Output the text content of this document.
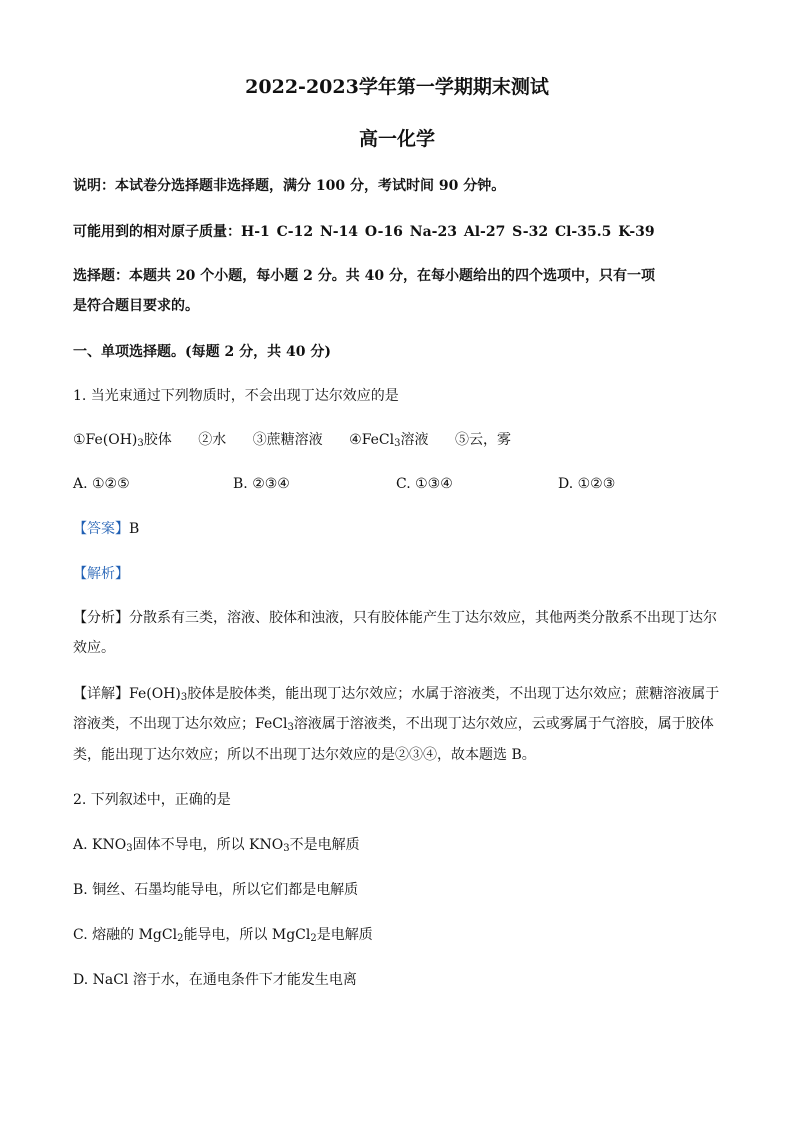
2022-2023学年第一学期期末测试
高一化学
说明：本试卷分选择题非选择题，满分 100 分，考试时间 90 分钟。
可能用到的相对原子质量：H-1 C-12 N-14 O-16 Na-23 Al-27 S-32 Cl-35.5 K-39
选择题：本题共 20 个小题，每小题 2 分。共 40 分，在每小题给出的四个选项中，只有一项
是符合题目要求的。
一、单项选择题。(每题 2 分，共 40 分)
1. 当光束通过下列物质时，不会出现丁达尔效应的是
$①Fe(OH)_3$胶体 ②水 ③蔗糖溶液 ④FeCl$_3$溶液 ⑤云，雾
A. ①②⑤	B. ②③④	C. ①③④	D. ①②③
【答案】B
【解析】
【分析】分散系有三类，溶液、胶体和浊液，只有胶体能产生丁达尔效应，其他两类分散系不出现丁达尔
效应。
【详解】$Fe(OH)_3$胶体是胶体类，能出现丁达尔效应；水属于溶液类，不出现丁达尔效应；蔗糖溶液属于
溶液类，不出现丁达尔效应；FeCl$_3$溶液属于溶液类，不出现丁达尔效应，云或雾属于气溶胶，属于胶体
类，能出现丁达尔效应；所以不出现丁达尔效应的是②③④，故本题选 B。
2. 下列叙述中，正确的是
A. $KNO_3$固体不导电，所以 $KNO_3$不是电解质
B. 铜丝、石墨均能导电，所以它们都是电解质
C. 熔融的 MgCl$_2$能导电，所以 MgCl$_2$是电解质
D. NaCl 溶于水，在通电条件下才能发生电离
